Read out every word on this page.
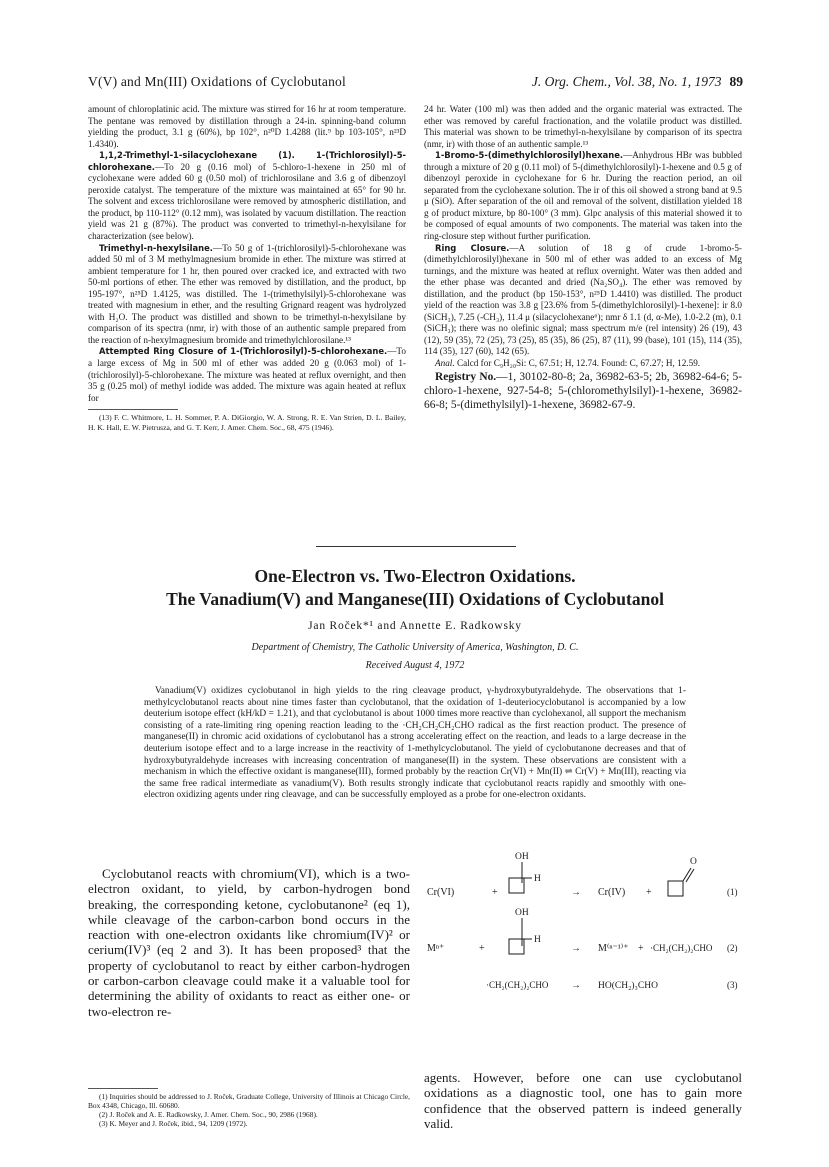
V(V) and Mn(III) Oxidations of Cyclobutanol	J. Org. Chem., Vol. 38, No. 1, 1973 89

amount of chloroplatinic acid. The mixture was stirred for 16 hr at room temperature. The pentane was removed by distillation through a 24-in. spinning-band column yielding the product, 3.1 g (60%), bp 102°, n²⁰D 1.4288 (lit.⁹ bp 103-105°, n²³D 1.4340).

1,1,2-Trimethyl-1-silacyclohexane (1). 1-(Trichlorosilyl)-5-chlorohexane.—To 20 g (0.16 mol) of 5-chloro-1-hexene in 250 ml of cyclohexane were added 60 g (0.50 mol) of trichlorosilane and 3.6 g of dibenzoyl peroxide catalyst. The temperature of the mixture was maintained at 65° for 90 hr. The solvent and excess trichlorosilane were removed by atmospheric distillation, and the product, bp 110-112° (0.12 mm), was isolated by vacuum distillation. The reaction yield was 21 g (87%). The product was converted to trimethyl-n-hexylsilane for characterization (see below).

Trimethyl-n-hexylsilane.—To 50 g of 1-(trichlorosilyl)-5-chlorohexane was added 50 ml of 3 M methylmagnesium bromide in ether. The mixture was stirred at ambient temperature for 1 hr, then poured over cracked ice, and extracted with two 50-ml portions of ether. The ether was removed by distillation, and the product, bp 195-197°, n²⁵D 1.4125, was distilled. The 1-(trimethylsilyl)-5-chlorohexane was treated with magnesium in ether, and the resulting Grignard reagent was hydrolyzed with H₂O. The product was distilled and shown to be trimethyl-n-hexylsilane by comparison of its spectra (nmr, ir) with those of an authentic sample prepared from the reaction of n-hexylmagnesium bromide and trimethylchlorosilane.¹³

Attempted Ring Closure of 1-(Trichlorosilyl)-5-chlorohexane.—To a large excess of Mg in 500 ml of ether was added 20 g (0.063 mol) of 1-(trichlorosilyl)-5-chlorohexane. The mixture was heated at reflux overnight, and then 35 g (0.25 mol) of methyl iodide was added. The mixture was again heated at reflux for

(13) F. C. Whitmore, L. H. Sommer, P. A. DiGiorgio, W. A. Strong, R. E. Van Strien, D. L. Bailey, H. K. Hall, E. W. Pietrusza, and G. T. Kerr, J. Amer. Chem. Soc., 68, 475 (1946).

24 hr. Water (100 ml) was then added and the organic material was extracted. The ether was removed by careful fractionation, and the volatile product was distilled. This material was shown to be trimethyl-n-hexylsilane by comparison of its spectra (nmr, ir) with those of an authentic sample.¹³

1-Bromo-5-(dimethylchlorosilyl)hexane.—Anhydrous HBr was bubbled through a mixture of 20 g (0.11 mol) of 5-(dimethylchlorosilyl)-1-hexene and 0.5 g of dibenzoyl peroxide in cyclohexane for 6 hr. During the reaction period, an oil separated from the cyclohexane solution. The ir of this oil showed a strong band at 9.5 μ (SiO). After separation of the oil and removal of the solvent, distillation yielded 18 g of product mixture, bp 80-100° (3 mm). Glpc analysis of this material showed it to be composed of equal amounts of two components. The material was taken into the ring-closure step without further purification.

Ring Closure.—A solution of 18 g of crude 1-bromo-5-(dimethylchlorosilyl)hexane in 500 ml of ether was added to an excess of Mg turnings, and the mixture was heated at reflux overnight. Water was then added and the ether phase was decanted and dried (Na₂SO₄). The ether was removed by distillation, and the product (bp 150-153°, n²⁵D 1.4410) was distilled. The product yield of the reaction was 3.8 g [23.6% from 5-(dimethylchlorosilyl)-1-hexene]: ir 8.0 (SiCH₃), 7.25 (-CH₃), 11.4 μ (silacyclohexane⁶); nmr δ 1.1 (d, α-Me), 1.0-2.2 (m), 0.1 (SiCH₃); there was no olefinic signal; mass spectrum m/e (rel intensity) 26 (19), 43 (12), 59 (35), 72 (25), 73 (25), 85 (35), 86 (25), 87 (11), 99 (base), 101 (15), 114 (35), 114 (35), 127 (60), 142 (65).

Anal. Calcd for C₉H₂₀Si: C, 67.51; H, 12.74. Found: C, 67.27; H, 12.59.

Registry No.—1, 30102-80-8; 2a, 36982-63-5; 2b, 36982-64-6; 5-chloro-1-hexene, 927-54-8; 5-(chloromethylsilyl)-1-hexene, 36982-66-8; 5-(dimethylsilyl)-1-hexene, 36982-67-9.

One-Electron vs. Two-Electron Oxidations.
The Vanadium(V) and Manganese(III) Oxidations of Cyclobutanol
Jan Roček*¹ and Annette E. Radkowsky
Department of Chemistry, The Catholic University of America, Washington, D. C.
Received August 4, 1972

Vanadium(V) oxidizes cyclobutanol in high yields to the ring cleavage product, γ-hydroxybutyraldehyde. The observations that 1-methylcyclobutanol reacts about nine times faster than cyclobutanol, that the oxidation of 1-deuteriocyclobutanol is accompanied by a low deuterium isotope effect (kH/kD = 1.21), and that cyclobutanol is about 1000 times more reactive than cyclohexanol, all support the mechanism consisting of a rate-limiting ring opening reaction leading to the ·CH₂CH₂CH₂CHO radical as the first reaction product. The presence of manganese(II) in chromic acid oxidations of cyclobutanol has a strong accelerating effect on the reaction, and leads to a large decrease in the deuterium isotope effect and to a large increase in the reactivity of 1-methylcyclobutanol. The yield of cyclobutanone decreases and that of hydroxybutyraldehyde increases with increasing concentration of manganese(II) in the system. These observations are consistent with a mechanism in which the effective oxidant is manganese(III), formed probably by the reaction Cr(VI) + Mn(II) ⇌ Cr(V) + Mn(III), reacting via the same free radical intermediate as vanadium(V). Both results strongly indicate that cyclobutanol reacts rapidly and smoothly with one-electron oxidizing agents under ring cleavage, and can be successfully employed as a probe for one-electron oxidants.

Cyclobutanol reacts with chromium(VI), which is a two-electron oxidant, to yield, by carbon-hydrogen bond breaking, the corresponding ketone, cyclobutanone² (eq 1), while cleavage of the carbon-carbon bond occurs in the reaction with one-electron oxidants like chromium(IV)² or cerium(IV)³ (eq 2 and 3). It has been proposed³ that the property of cyclobutanol to react by either carbon-hydrogen or carbon-carbon cleavage could make it a valuable tool for determining the ability of oxidants to react as either one- or two-electron re-

(1) Inquiries should be addressed to J. Roček, Graduate College, University of Illinois at Chicago Circle, Box 4348, Chicago, Ill. 60680.

(2) J. Roček and A. E. Radkowsky, J. Amer. Chem. Soc., 90, 2986 (1968).

(3) K. Meyer and J. Roček, ibid., 94, 1209 (1972).

OH
H
Cr(VI)	+	→ Cr(IV) +
O
(1)
OH
H
Mⁿ⁺	+	→ M⁽ⁿ⁻¹⁾⁺ + ·CH₂(CH₂)₂CHO (2)
·CH₂(CH₂)₂CHO → HO(CH₂)₃CHO	(3)

agents. However, before one can use cyclobutanol oxidations as a diagnostic tool, one has to gain more confidence that the observed pattern is indeed generally valid.
